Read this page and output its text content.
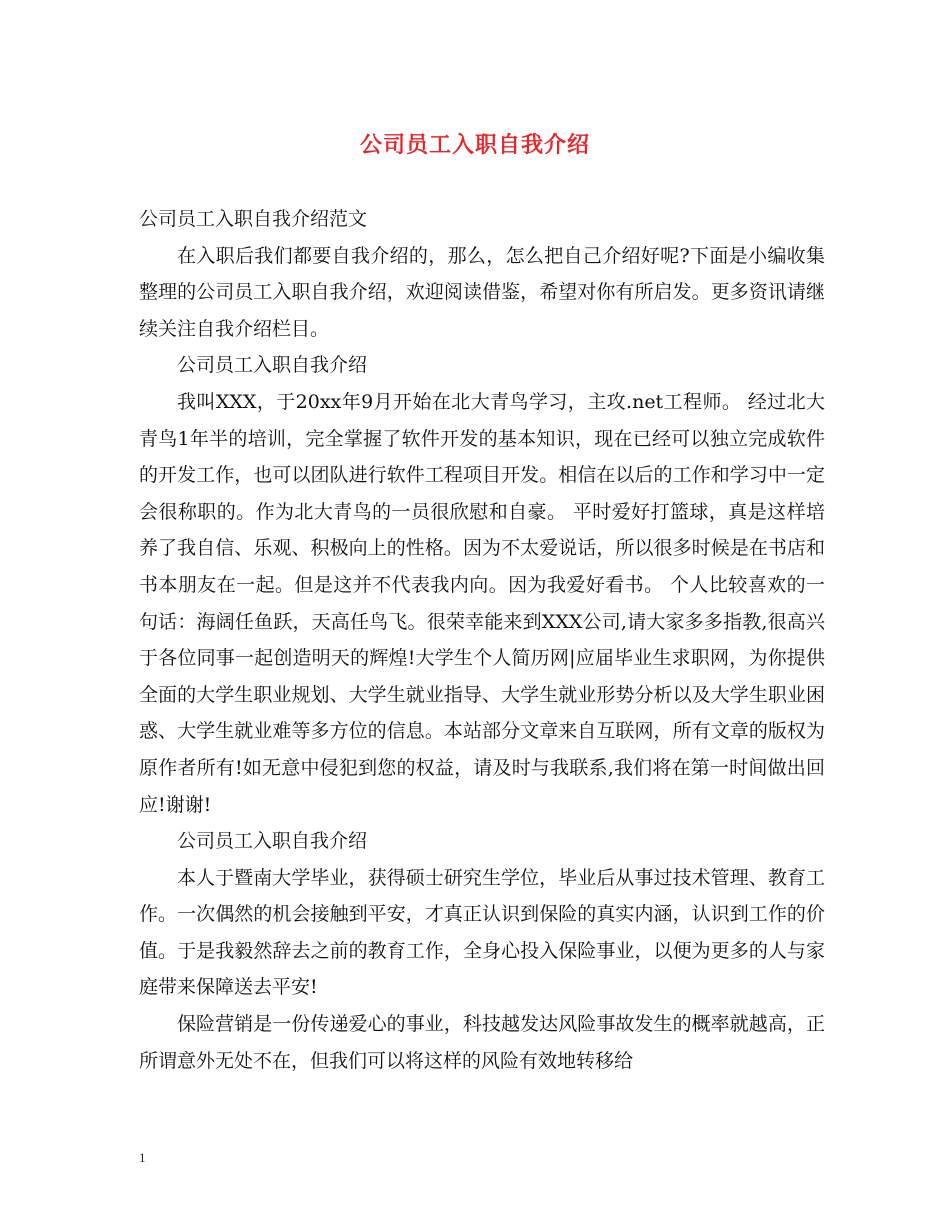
公司员工入职自我介绍

公司员工入职自我介绍范文

在入职后我们都要自我介绍的，那么，怎么把自己介绍好呢?下面是小编收集整理的公司员工入职自我介绍，欢迎阅读借鉴，希望对你有所启发。更多资讯请继续关注自我介绍栏目。

公司员工入职自我介绍

我叫XXX，于20xx年9月开始在北大青鸟学习，主攻.net工程师。 经过北大青鸟1年半的培训，完全掌握了软件开发的基本知识，现在已经可以独立完成软件的开发工作，也可以团队进行软件工程项目开发。相信在以后的工作和学习中一定会很称职的。作为北大青鸟的一员很欣慰和自豪。 平时爱好打篮球，真是这样培养了我自信、乐观、积极向上的性格。因为不太爱说话，所以很多时候是在书店和书本朋友在一起。但是这并不代表我内向。因为我爱好看书。 个人比较喜欢的一句话：海阔任鱼跃，天高任鸟飞。很荣幸能来到XXX公司,请大家多多指教,很高兴于各位同事一起创造明天的辉煌!大学生个人简历网|应届毕业生求职网，为你提供全面的大学生职业规划、大学生就业指导、大学生就业形势分析以及大学生职业困惑、大学生就业难等多方位的信息。本站部分文章来自互联网，所有文章的版权为原作者所有!如无意中侵犯到您的权益，请及时与我联系,我们将在第一时间做出回应!谢谢!

公司员工入职自我介绍

本人于暨南大学毕业，获得硕士研究生学位，毕业后从事过技术管理、教育工作。一次偶然的机会接触到平安，才真正认识到保险的真实内涵，认识到工作的价值。于是我毅然辞去之前的教育工作，全身心投入保险事业，以便为更多的人与家庭带来保障送去平安!

保险营销是一份传递爱心的事业，科技越发达风险事故发生的概率就越高，正所谓意外无处不在，但我们可以将这样的风险有效地转移给

1
